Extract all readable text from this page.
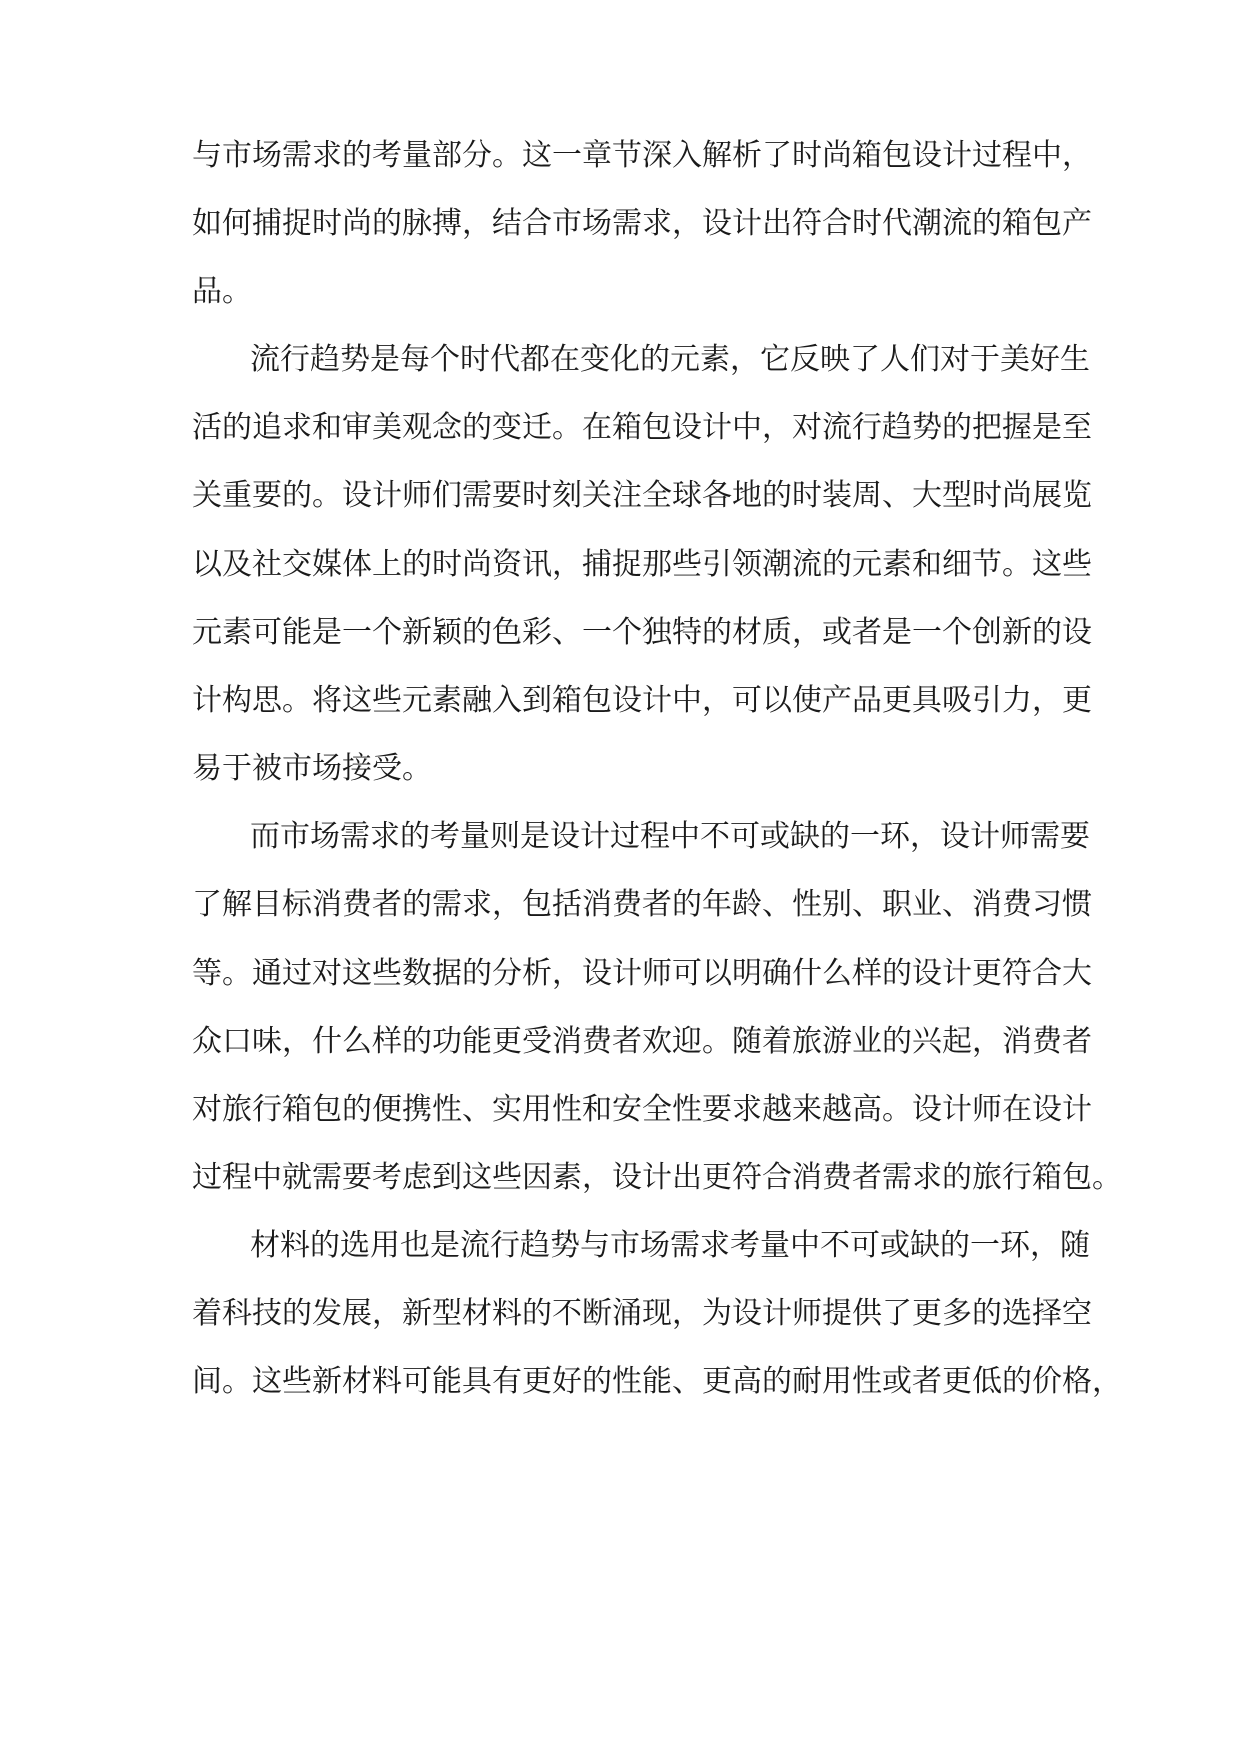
与市场需求的考量部分。这一章节深入解析了时尚箱包设计过程中，
如何捕捉时尚的脉搏，结合市场需求，设计出符合时代潮流的箱包产
品。
流行趋势是每个时代都在变化的元素，它反映了人们对于美好生
活的追求和审美观念的变迁。在箱包设计中，对流行趋势的把握是至
关重要的。设计师们需要时刻关注全球各地的时装周、大型时尚展览
以及社交媒体上的时尚资讯，捕捉那些引领潮流的元素和细节。这些
元素可能是一个新颖的色彩、一个独特的材质，或者是一个创新的设
计构思。将这些元素融入到箱包设计中，可以使产品更具吸引力，更
易于被市场接受。
而市场需求的考量则是设计过程中不可或缺的一环，设计师需要
了解目标消费者的需求，包括消费者的年龄、性别、职业、消费习惯
等。通过对这些数据的分析，设计师可以明确什么样的设计更符合大
众口味，什么样的功能更受消费者欢迎。随着旅游业的兴起，消费者
对旅行箱包的便携性、实用性和安全性要求越来越高。设计师在设计
过程中就需要考虑到这些因素，设计出更符合消费者需求的旅行箱包。
材料的选用也是流行趋势与市场需求考量中不可或缺的一环，随
着科技的发展，新型材料的不断涌现，为设计师提供了更多的选择空
间。这些新材料可能具有更好的性能、更高的耐用性或者更低的价格，
